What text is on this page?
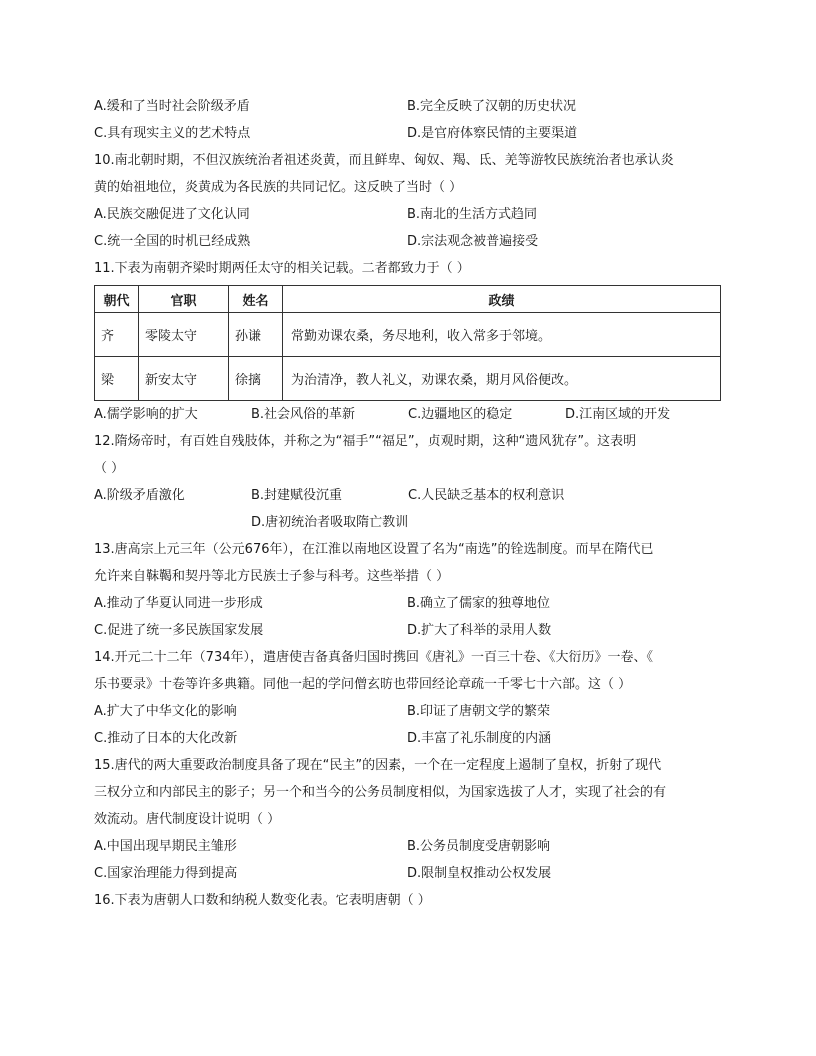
A.缓和了当时社会阶级矛盾	B.完全反映了汉朝的历史状况
C.具有现实主义的艺术特点	D.是官府体察民情的主要渠道
10.南北朝时期，不但汉族统治者祖述炎黄，而且鲜卑、匈奴、羯、氐、羌等游牧民族统治者也承认炎
黄的始祖地位，炎黄成为各民族的共同记忆。这反映了当时（ ）
A.民族交融促进了文化认同	B.南北的生活方式趋同
C.统一全国的时机已经成熟	D.宗法观念被普遍接受
11.下表为南朝齐梁时期两任太守的相关记载。二者都致力于（ ）
朝代	官职	姓名	政绩
齐	零陵太守	孙谦	常勤劝课农桑，务尽地利，收入常多于邻境。
梁	新安太守	徐摛	为治清净，教人礼义，劝课农桑，期月风俗便改。
A.儒学影响的扩大	B.社会风俗的革新	C.边疆地区的稳定	D.江南区域的开发
12.隋炀帝时，有百姓自残肢体，并称之为“福手”“福足”，贞观时期，这种“遗风犹存”。这表明
（ ）
A.阶级矛盾激化	B.封建赋役沉重	C.人民缺乏基本的权利意识
D.唐初统治者吸取隋亡教训
13.唐高宗上元三年（公元676年），在江淮以南地区设置了名为“南选”的铨选制度。而早在隋代已
允许来自靺鞨和契丹等北方民族士子参与科考。这些举措（ ）
A.推动了华夏认同进一步形成	B.确立了儒家的独尊地位
C.促进了统一多民族国家发展	D.扩大了科举的录用人数
14.开元二十二年（734年），遣唐使吉备真备归国时携回《唐礼》一百三十卷、《大衍历》一卷、《
乐书要录》十卷等许多典籍。同他一起的学问僧玄昉也带回经论章疏一千零七十六部。这（ ）
A.扩大了中华文化的影响	B.印证了唐朝文学的繁荣
C.推动了日本的大化改新	D.丰富了礼乐制度的内涵
15.唐代的两大重要政治制度具备了现在“民主”的因素，一个在一定程度上遏制了皇权，折射了现代
三权分立和内部民主的影子；另一个和当今的公务员制度相似，为国家选拔了人才，实现了社会的有
效流动。唐代制度设计说明（ ）
A.中国出现早期民主雏形	B.公务员制度受唐朝影响
C.国家治理能力得到提高	D.限制皇权推动公权发展
16.下表为唐朝人口数和纳税人数变化表。它表明唐朝（ ）
